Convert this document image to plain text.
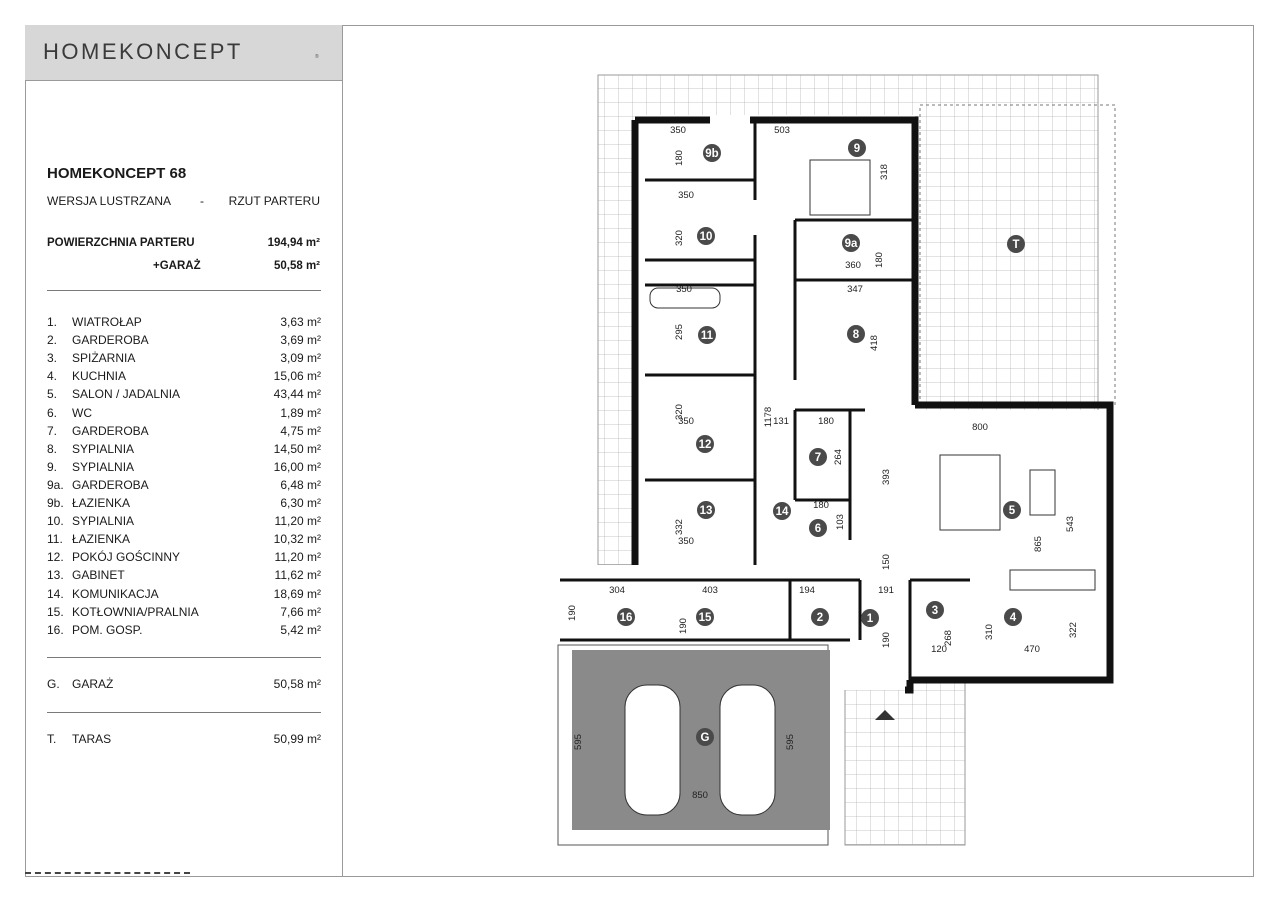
HOMEKONCEPT	®
HOMEKONCEPT 68
WERSJA LUSTRZANA - RZUT PARTERU
POWIERZCHNIA PARTERU	194,94 m²
+GARAŻ	50,58 m²
1. WIATROŁAP	3,63 m²
2. GARDEROBA	3,69 m²
3. SPIŻARNIA	3,09 m²
4. KUCHNIA	15,06 m²
5. SALON / JADALNIA	43,44 m²
6. WC	1,89 m²
7. GARDEROBA	4,75 m²
8. SYPIALNIA	14,50 m²
9. SYPIALNIA	16,00 m²
9a. GARDEROBA	6,48 m²
9b. ŁAZIENKA	6,30 m²
10. SYPIALNIA	11,20 m²
11. ŁAZIENKA	10,32 m²
12. POKÓJ GOŚCINNY	11,20 m²
13. GABINET	11,62 m²
14. KOMUNIKACJA	18,69 m²
15. KOTŁOWNIA/PRALNIA	7,66 m²
16. POM. GOSP.	5,42 m²
G. GARAŻ	50,58 m²
T. TARAS	50,99 m²
350	503
180
318
350
320
180
360
350	347
295
418
1178 131
320
350	180
264
800
393
180
103
332
350	865
543
150
304	403	194	191
190
190
190
310	322
268
120	470
595	595
850
9b	9
10
9a
11	8
12
7
14
13
6
5
3
4
16	15	2	1
G
T
